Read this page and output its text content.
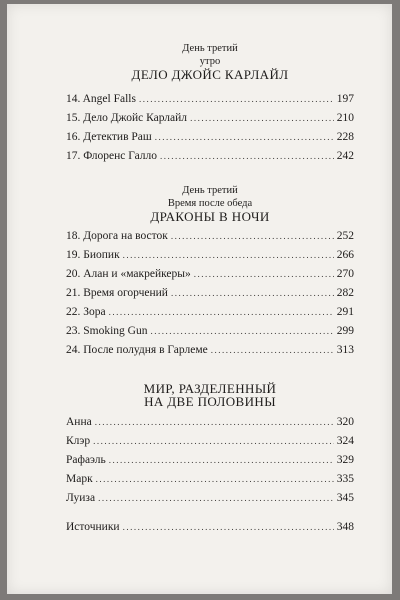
День третий
утро
ДЕЛО ДЖОЙС КАРЛАЙЛ
14. Angel Falls .....	197
15. Дело Джойс Карлайл .....	210
16. Детектив Раш .....	228
17. Флоренс Галло .....	242
День третий
Время после обеда
ДРАКОНЫ В НОЧИ
18. Дорога на восток .....	252
19. Биопик .....	266
20. Алан и «макрейкеры» .....	270
21. Время огорчений .....	282
22. Зора .....	291
23. Smoking Gun .....	299
24. После полудня в Гарлеме .....	313
МИР, РАЗДЕЛЕННЫЙ
НА ДВЕ ПОЛОВИНЫ
Анна .....	320
Клэр .....	324
Рафаэль .....	329
Марк .....	335
Луиза .....	345
Источники .....	348
